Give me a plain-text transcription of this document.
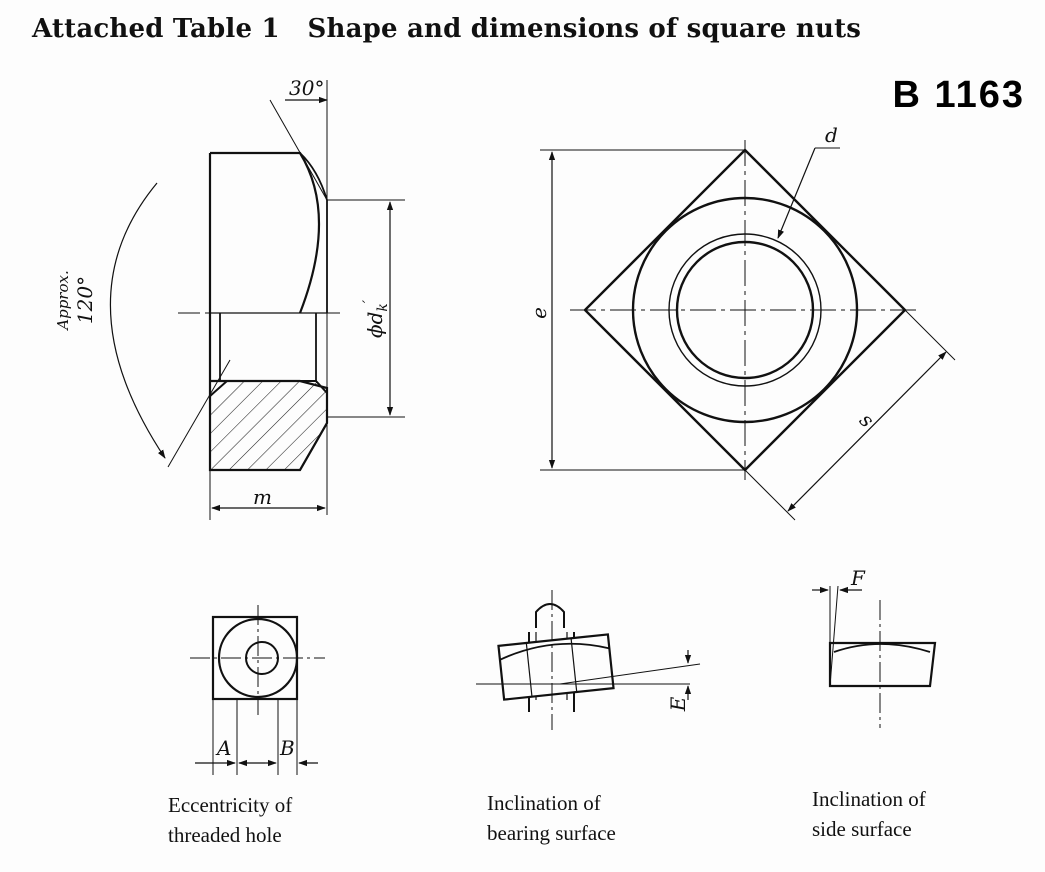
Attached Table 1   Shape and dimensions of square nuts
B 1163
30°
m
$\phi d_k'$
Approx. 120°
d
e
s
A B
E
F
Eccentricity of
threaded hole
Inclination of
bearing surface
Inclination of
side surface
